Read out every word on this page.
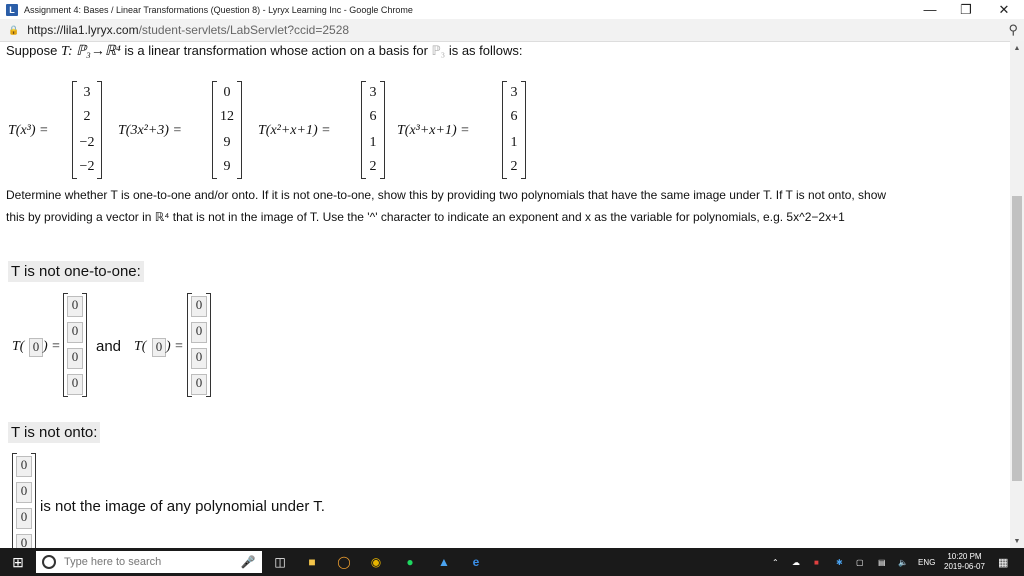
L	Assignment 4: Bases / Linear Transformations (Question 8) - Lyryx Learning Inc - Google Chrome	—	❐	✕
🔒 https://lila1.lyryx.com /student-servlets/LabServlet?ccid=2528	⚲
Suppose T: ℙ₃→ℝ⁴ is a linear transformation whose action on a basis for ℙ₃ is as follows:
T(x³) =
3
2
−2
−2
T(3x²+3) =
0
12
9
9
T(x²+x+1) =
3
6
1
2
T(x³+x+1) =
3
6
1
2
Determine whether T is one-to-one and/or onto. If it is not one-to-one, show this by providing two polynomials that have the same image under T. If T is not onto, show
this by providing a vector in ℝ⁴ that is not in the image of T. Use the '^' character to indicate an exponent and x as the variable for polynomials, e.g. 5x^2−2x+1
T is not one-to-one:
T( 0 ) =
0
0
0
0
and T( 0 ) =
0
0
0
0
T is not onto:
0
0
0
0
is not the image of any polynomial under T.
▲
▼
⊞	Type here to search	🎤 ◫	■	◯ ◉	●	▲	e	⌃ ☁ ■ ✱ ▢ ▤ 🔈 ENG
10:20 PM
2019-06-07 ▦
